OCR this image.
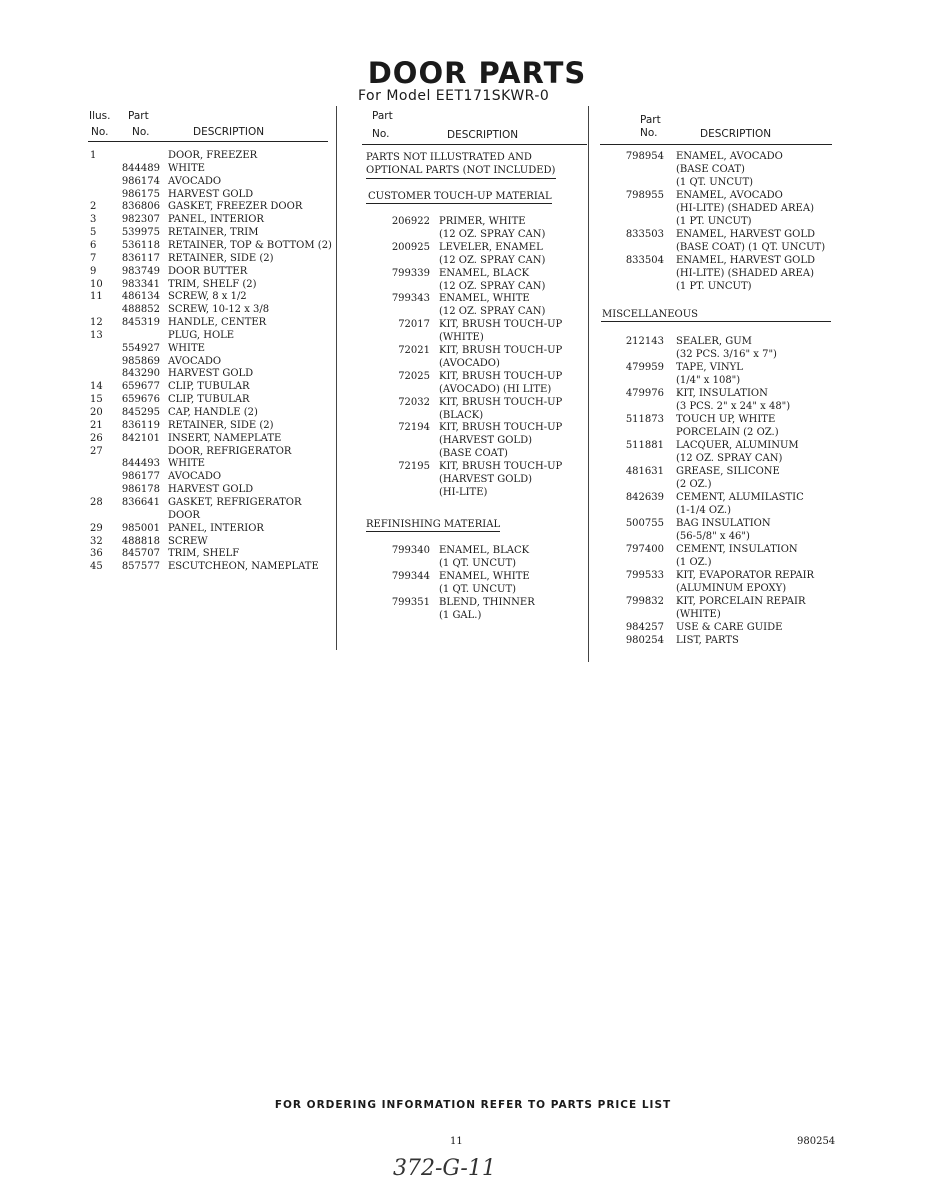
DOOR PARTS
For Model EET171SKWR-0
Ilus. Part
No. No.	DESCRIPTION
Part
No.	DESCRIPTION
Part
No.	DESCRIPTION
1	DOOR, FREEZER
844489 WHITE
986174 AVOCADO
986175 HARVEST GOLD
2	836806 GASKET, FREEZER DOOR
3	982307 PANEL, INTERIOR
5	539975 RETAINER, TRIM
6	536118 RETAINER, TOP & BOTTOM (2)
7	836117 RETAINER, SIDE (2)
9	983749 DOOR BUTTER
10	983341 TRIM, SHELF (2)
11	486134 SCREW, 8 x 1/2
488852 SCREW, 10-12 x 3/8
12	845319 HANDLE, CENTER
13	PLUG, HOLE
554927 WHITE
985869 AVOCADO
843290 HARVEST GOLD
14	659677 CLIP, TUBULAR
15	659676 CLIP, TUBULAR
20	845295 CAP, HANDLE (2)
21	836119 RETAINER, SIDE (2)
26	842101 INSERT, NAMEPLATE
27	DOOR, REFRIGERATOR
844493 WHITE
986177 AVOCADO
986178 HARVEST GOLD
28	836641 GASKET, REFRIGERATOR
DOOR
29	985001 PANEL, INTERIOR
32	488818 SCREW
36	845707 TRIM, SHELF
45	857577 ESCUTCHEON, NAMEPLATE
PARTS NOT ILLUSTRATED AND
OPTIONAL PARTS (NOT INCLUDED)
CUSTOMER TOUCH-UP MATERIAL
206922 PRIMER, WHITE
(12 OZ. SPRAY CAN)
200925 LEVELER, ENAMEL
(12 OZ. SPRAY CAN)
799339 ENAMEL, BLACK
(12 OZ. SPRAY CAN)
799343 ENAMEL, WHITE
(12 OZ. SPRAY CAN)
72017 KIT, BRUSH TOUCH-UP
(WHITE)
72021 KIT, BRUSH TOUCH-UP
(AVOCADO)
72025 KIT, BRUSH TOUCH-UP
(AVOCADO) (HI LITE)
72032 KIT, BRUSH TOUCH-UP
(BLACK)
72194 KIT, BRUSH TOUCH-UP
(HARVEST GOLD)
(BASE COAT)
72195 KIT, BRUSH TOUCH-UP
(HARVEST GOLD)
(HI-LITE)
REFINISHING MATERIAL
799340 ENAMEL, BLACK
(1 QT. UNCUT)
799344 ENAMEL, WHITE
(1 QT. UNCUT)
799351 BLEND, THINNER
(1 GAL.)
798954 ENAMEL, AVOCADO
(BASE COAT)
(1 QT. UNCUT)
798955 ENAMEL, AVOCADO
(HI-LITE) (SHADED AREA)
(1 PT. UNCUT)
833503 ENAMEL, HARVEST GOLD
(BASE COAT) (1 QT. UNCUT)
833504 ENAMEL, HARVEST GOLD
(HI-LITE) (SHADED AREA)
(1 PT. UNCUT)
MISCELLANEOUS
212143 SEALER, GUM
(32 PCS. 3/16" x 7")
479959 TAPE, VINYL
(1/4" x 108")
479976 KIT, INSULATION
(3 PCS. 2" x 24" x 48")
511873 TOUCH UP, WHITE
PORCELAIN (2 OZ.)
511881 LACQUER, ALUMINUM
(12 OZ. SPRAY CAN)
481631 GREASE, SILICONE
(2 OZ.)
842639 CEMENT, ALUMILASTIC
(1-1/4 OZ.)
500755 BAG INSULATION
(56-5/8" x 46")
797400 CEMENT, INSULATION
(1 OZ.)
799533 KIT, EVAPORATOR REPAIR
(ALUMINUM EPOXY)
799832 KIT, PORCELAIN REPAIR
(WHITE)
984257 USE & CARE GUIDE
980254 LIST, PARTS
FOR ORDERING INFORMATION REFER TO PARTS PRICE LIST
11	980254
372-G-11
